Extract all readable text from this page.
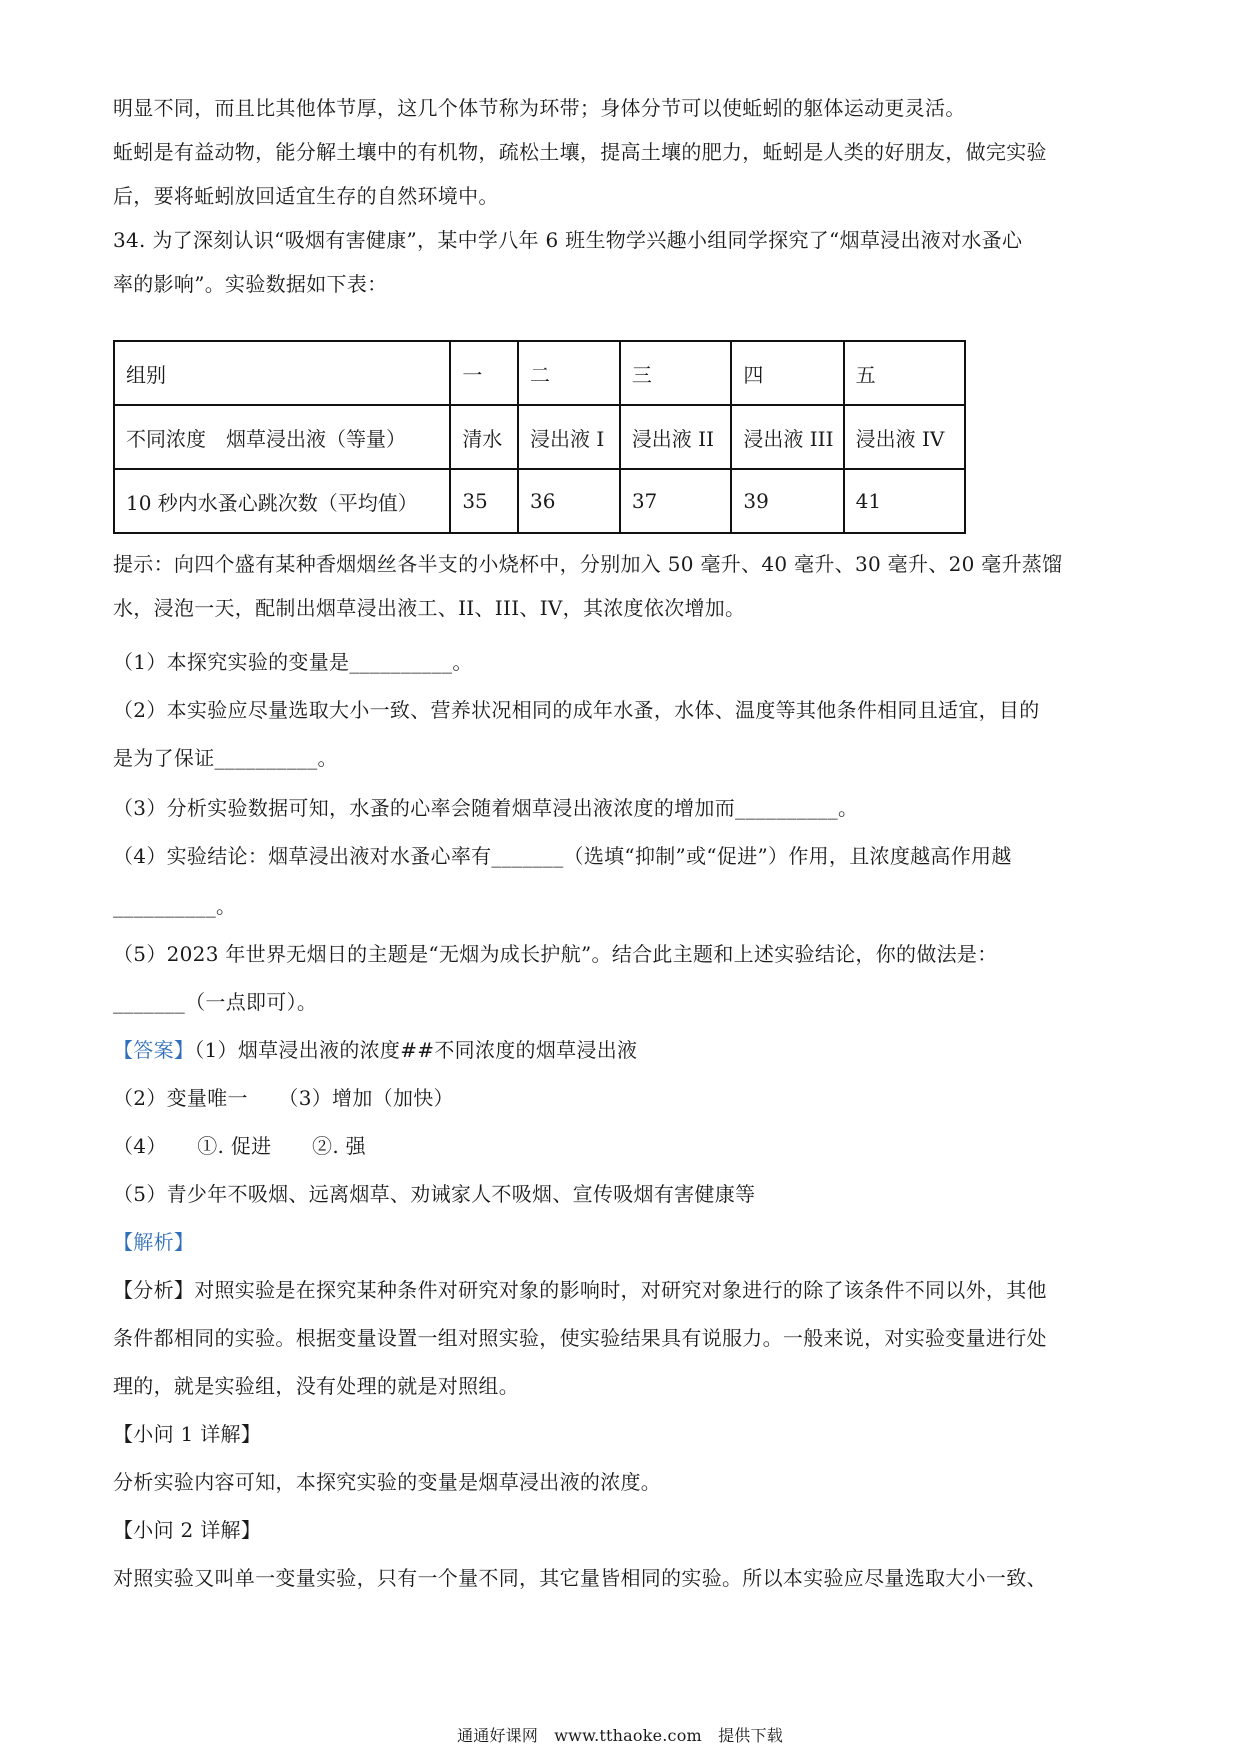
明显不同，而且比其他体节厚，这几个体节称为环带；身体分节可以使蚯蚓的躯体运动更灵活。
蚯蚓是有益动物，能分解土壤中的有机物，疏松土壤，提高土壤的肥力，蚯蚓是人类的好朋友，做完实验
后，要将蚯蚓放回适宜生存的自然环境中。
34. 为了深刻认识“吸烟有害健康”，某中学八年 6 班生物学兴趣小组同学探究了“烟草浸出液对水蚤心
率的影响”。实验数据如下表：
组别	一	二	三	四	五
不同浓度　烟草浸出液（等量）	清水	浸出液 I	浸出液 II	浸出液 III	浸出液 IV
10 秒内水蚤心跳次数（平均值）	35	36	37	39	41
提示：向四个盛有某种香烟烟丝各半支的小烧杯中，分别加入 50 毫升、40 毫升、30 毫升、20 毫升蒸馏
水，浸泡一天，配制出烟草浸出液工、II、III、IV，其浓度依次增加。
（1）本探究实验的变量是__________。
（2）本实验应尽量选取大小一致、营养状况相同的成年水蚤，水体、温度等其他条件相同且适宜，目的
是为了保证__________。
（3）分析实验数据可知，水蚤的心率会随着烟草浸出液浓度的增加而__________。
（4）实验结论：烟草浸出液对水蚤心率有_______（选填“抑制”或“促进”）作用，且浓度越高作用越
__________。
（5）2023 年世界无烟日的主题是“无烟为成长护航”。结合此主题和上述实验结论，你的做法是：
_______（一点即可）。
【答案】（1）烟草浸出液的浓度##不同浓度的烟草浸出液
（2）变量唯一　　（3）增加（加快）
（4）　　①. 促进　　②. 强
（5）青少年不吸烟、远离烟草、劝诫家人不吸烟、宣传吸烟有害健康等
【解析】
【分析】对照实验是在探究某种条件对研究对象的影响时，对研究对象进行的除了该条件不同以外，其他
条件都相同的实验。根据变量设置一组对照实验，使实验结果具有说服力。一般来说，对实验变量进行处
理的，就是实验组，没有处理的就是对照组。
【小问 1 详解】
分析实验内容可知，本探究实验的变量是烟草浸出液的浓度。
【小问 2 详解】
对照实验又叫单一变量实验，只有一个量不同，其它量皆相同的实验。所以本实验应尽量选取大小一致、
通通好课网　www.tthaoke.com　提供下载
